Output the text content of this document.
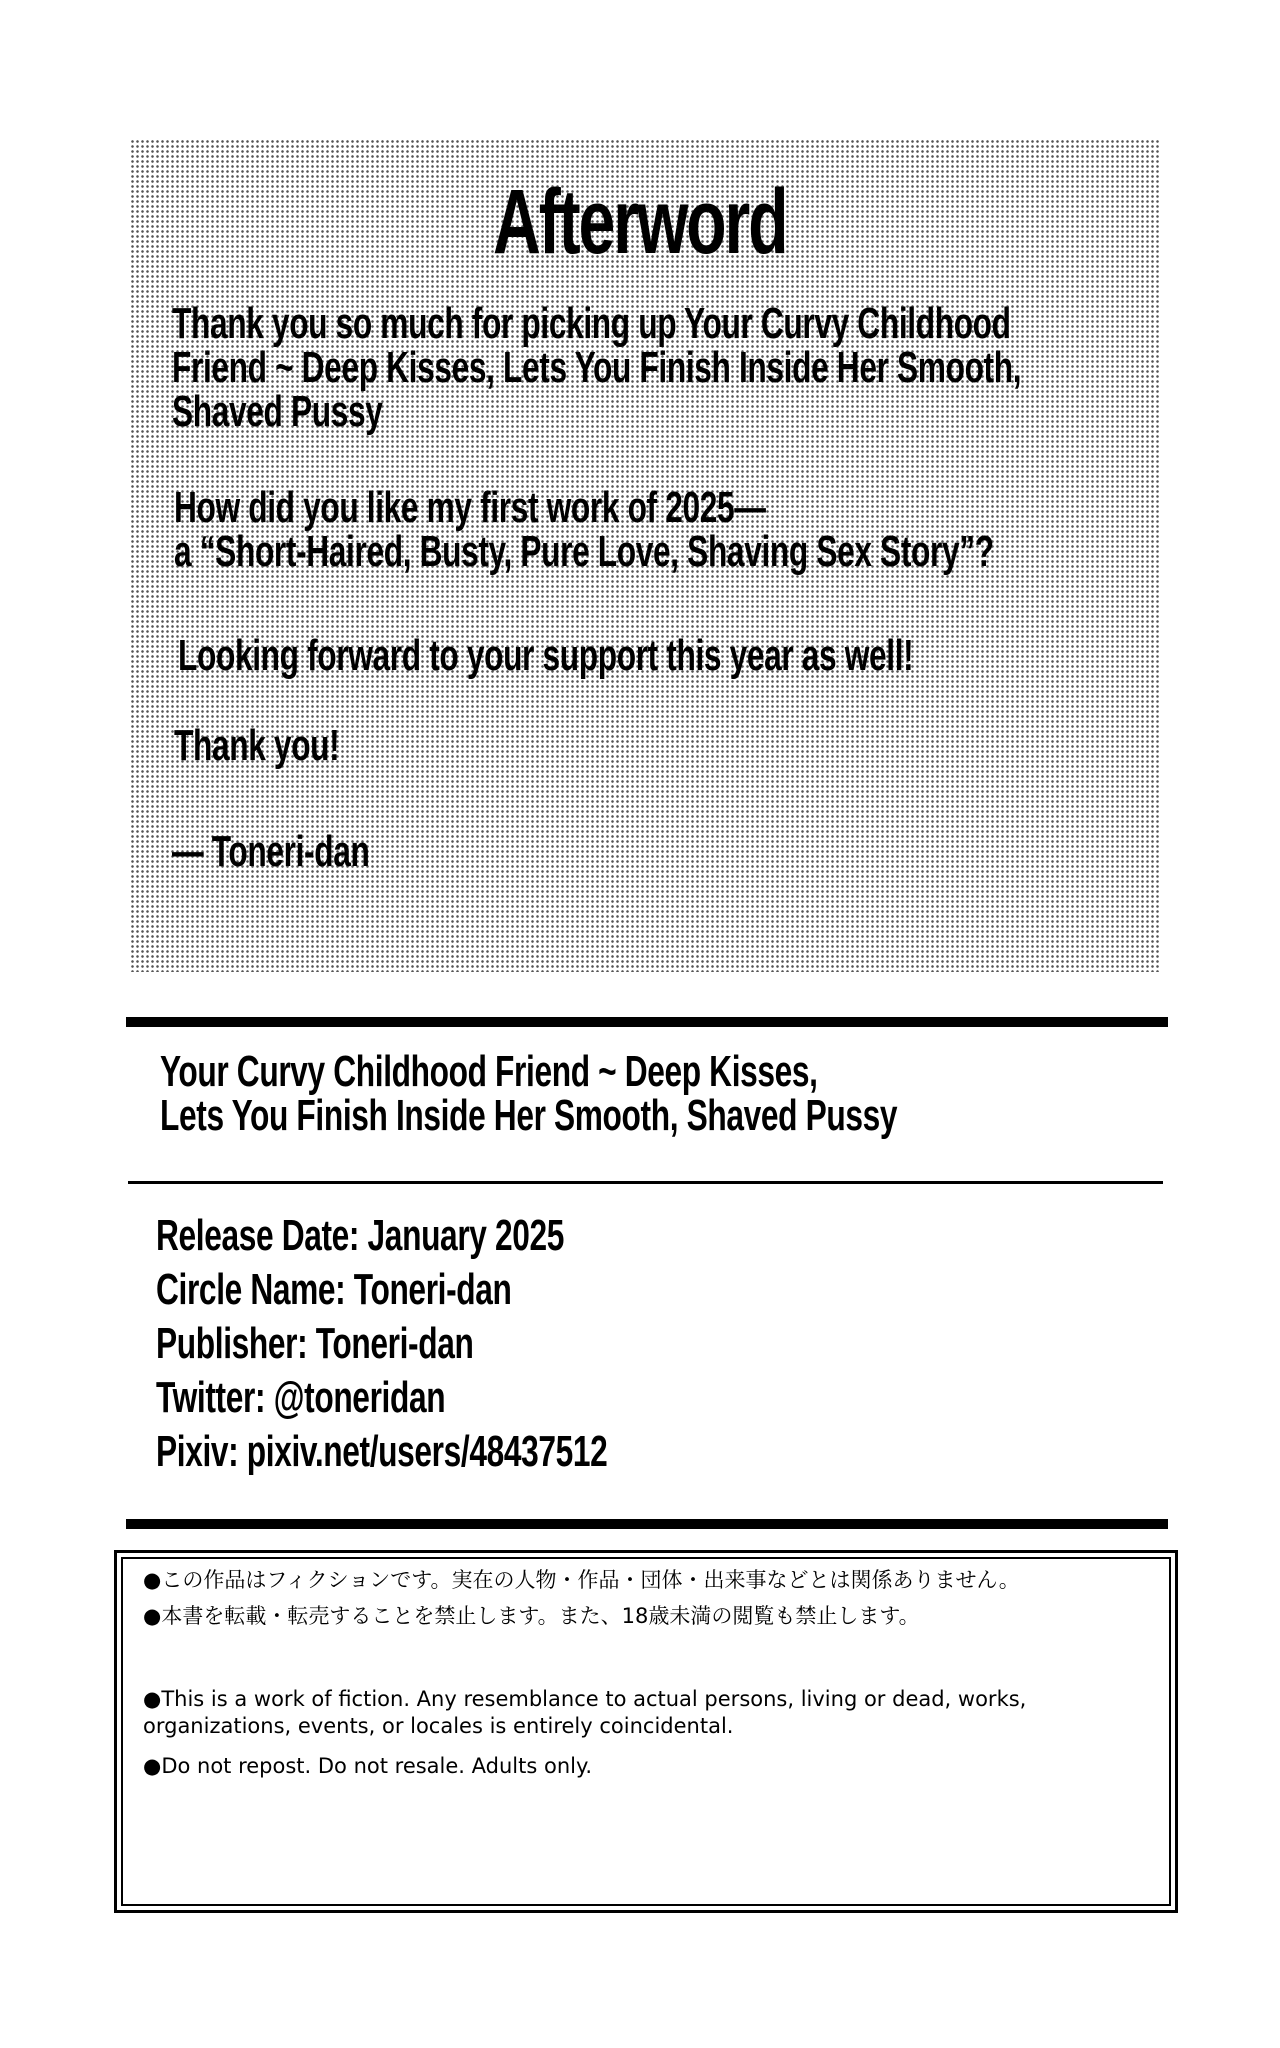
Afterword
Thank you so much for picking up Your Curvy Childhood
Friend ~ Deep Kisses, Lets You Finish Inside Her Smooth,
Shaved Pussy
How did you like my first work of 2025—
a “Short-Haired, Busty, Pure Love, Shaving Sex Story”?
Looking forward to your support this year as well!
Thank you!
— Toneri-dan
Your Curvy Childhood Friend ~ Deep Kisses,
Lets You Finish Inside Her Smooth, Shaved Pussy
Release Date: January 2025
Circle Name: Toneri-dan
Publisher: Toneri-dan
Twitter: @toneridan
Pixiv: pixiv.net/users/48437512
●この作品はフィクションです。実在の人物・作品・団体・出来事などとは関係ありません。
●本書を転載・転売することを禁止します。また、18歳未満の閲覧も禁止します。
●This is a work of fiction. Any resemblance to actual persons, living or dead, works,
organizations, events, or locales is entirely coincidental.
●Do not repost. Do not resale. Adults only.
